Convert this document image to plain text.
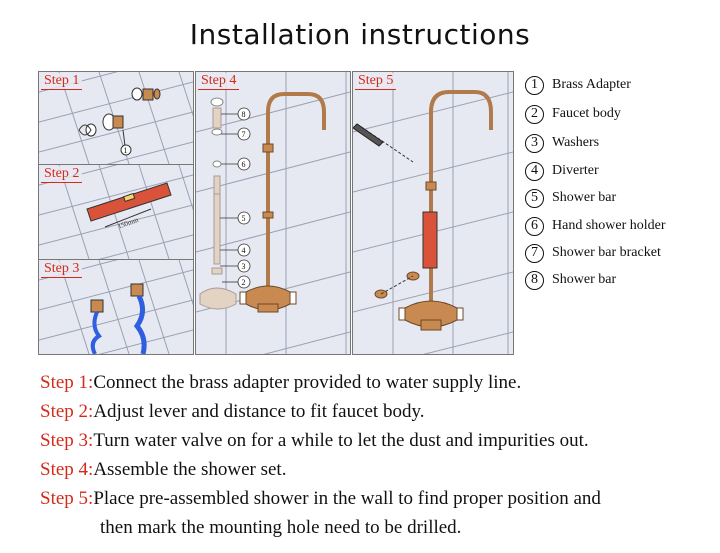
Installation instructions
1
Step 1
150mm
Step 2
Step 3
8
7
6
5
4
3
2
Step 4	Step 5	1	Brass Adapter
2	Faucet body
3	Washers
4	Diverter
5	Shower bar
6	Hand shower holder
7	Shower bar bracket
8	Shower bar
Step 1:Connect the brass adapter provided to water supply line.
Step 2:Adjust lever and distance to fit faucet body.
Step 3:Turn water valve on for a while to let the dust and impurities out.
Step 4:Assemble the shower set.
Step 5:Place pre-assembled shower in the wall to find proper position and
then mark the mounting hole need to be drilled.
